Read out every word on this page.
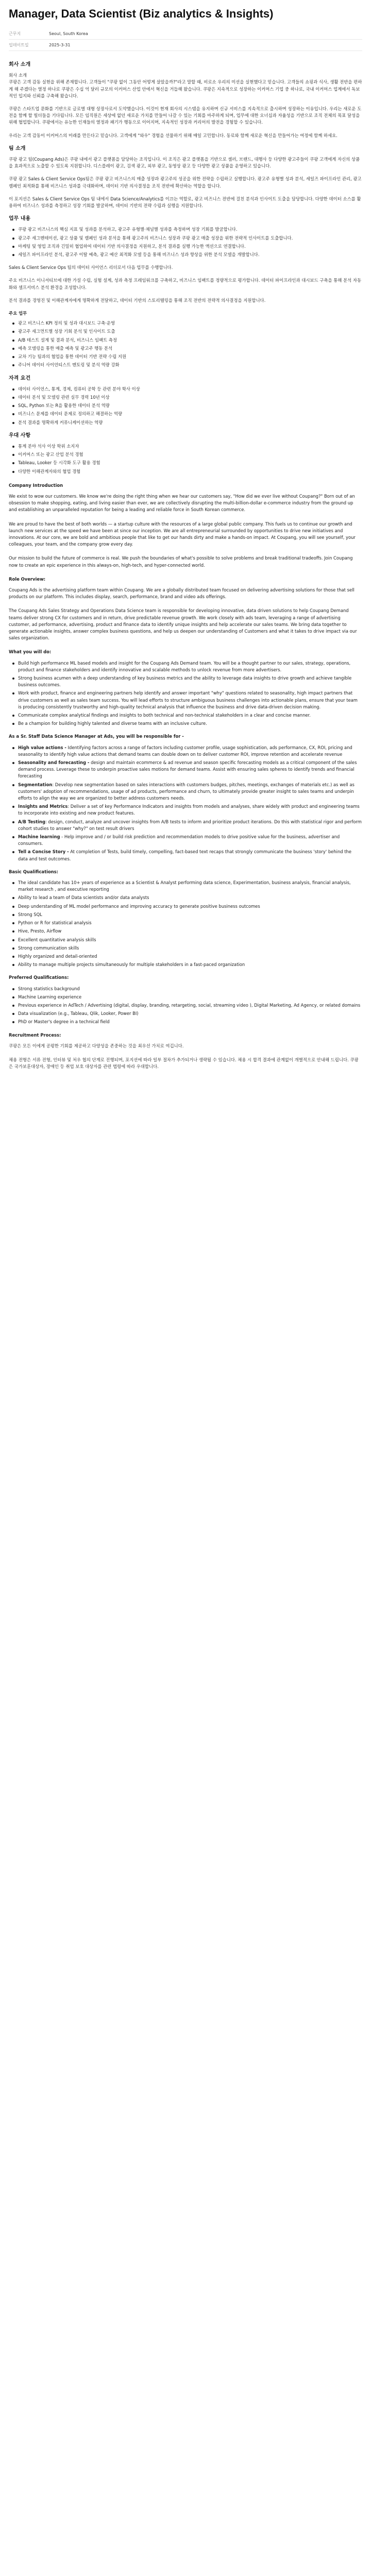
Manager, Data Scientist (Biz analytics & Insights)
근무지	Seoul, South Korea
업데이트일	2025-3-31
회사 소개

회사 소개
쿠팡은 고객 감동 실현을 위해 존재합니다. 고객들이 "쿠팡 없이 그동안 어떻게 살았을까?"라고 말할 때, 비로소 우리의 미션을 실현했다고 믿습니다. 고객들의 쇼핑과 식사, 생활 전반을 편하게 해 주겠다는 열정 하나로 쿠팡은 수십 억 달러 규모의 이커머스 산업 안에서 혁신을 거듭해 왔습니다. 쿠팡은 지속적으로 성장하는 이커머스 기업 중 하나로, 국내 이커머스 업계에서 독보적인 입지와 신뢰를 구축해 왔습니다.

쿠팡은 스타트업 문화를 기반으로 글로벌 대형 상장사로서 도약했습니다. 이것이 현재 회사의 시스템을 유지하며 신규 서비스를 지속적으로 출시하며 성장하는 이유입니다. 우리는 새로운 도전을 함께 할 빌더들을 기다립니다. 모든 임직원은 세상에 없던 새로운 가치를 만들어 나갈 수 있는 기회를 마주하게 되며, 업무에 대한 오너십과 자율성을 기반으로 조직 전체의 목표 달성을 위해 협업합니다. 쿠팡에서는 유능한 인재들의 열정과 패기가 행동으로 이어지며, 지속적인 성장과 커리어의 발전을 경험할 수 있습니다.

우리는 고객 감동이 이커머스의 미래를 만든다고 믿습니다. 고객에게 "와우" 경험을 선물하기 위해 매일 고민합니다. 동료와 함께 새로운 혁신을 만들어가는 여정에 함께 하세요.

팀 소개

쿠팡 광고 팀(Coupang Ads)은 쿠팡 내에서 광고 플랫폼을 담당하는 조직입니다. 이 조직은 광고 플랫폼을 기반으로 셀러, 브랜드, 대행사 등 다양한 광고주들이 쿠팡 고객에게 자신의 상품을 효과적으로 노출할 수 있도록 지원합니다. 디스플레이 광고, 검색 광고, 외부 광고, 동영상 광고 등 다양한 광고 상품을 운영하고 있습니다.

쿠팡 광고 Sales & Client Service Ops팀은 쿠팡 광고 비즈니스의 매출 성장과 광고주의 성공을 위한 전략을 수립하고 실행합니다. 광고주 유형별 성과 분석, 세일즈 파이프라인 관리, 광고 캠페인 최적화를 통해 비즈니스 성과를 극대화하며, 데이터 기반 의사결정을 조직 전반에 확산하는 역할을 합니다.

이 포지션은 Sales & Client Service Ops 팀 내에서 Data Science/Analytics를 이끄는 역할로, 광고 비즈니스 전반에 걸친 분석과 인사이트 도출을 담당합니다. 다양한 데이터 소스를 활용하여 비즈니스 성과를 측정하고 성장 기회를 발굴하며, 데이터 기반의 전략 수립과 실행을 지원합니다.

업무 내용
쿠팡 광고 비즈니스의 핵심 지표 및 성과를 분석하고, 광고주 유형별·채널별 성과를 측정하며 성장 기회를 발굴합니다.
광고주 세그멘테이션, 광고 상품 및 캠페인 성과 분석을 통해 광고주의 비즈니스 성장과 쿠팡 광고 매출 성장을 위한 전략적 인사이트를 도출합니다.
마케팅 및 영업 조직과 긴밀히 협업하여 데이터 기반 의사결정을 지원하고, 분석 결과를 실행 가능한 액션으로 연결합니다.
세일즈 파이프라인 분석, 광고주 이탈 예측, 광고 예산 최적화 모델 등을 통해 비즈니스 성과 향상을 위한 분석 모델을 개발합니다.

Sales & Client Service Ops 팀의 데이터 사이언스 리더로서 다음 업무를 수행합니다.

주요 비즈니스 이니셔티브에 대한 가설 수립, 실험 설계, 성과 측정 프레임워크를 구축하고, 비즈니스 임팩트를 정량적으로 평가합니다. 데이터 파이프라인과 대시보드 구축을 통해 분석 자동화와 셀프서비스 분석 환경을 조성합니다.

분석 결과를 경영진 및 이해관계자에게 명확하게 전달하고, 데이터 기반의 스토리텔링을 통해 조직 전반의 전략적 의사결정을 지원합니다.

주요 업무
광고 비즈니스 KPI 정의 및 성과 대시보드 구축·운영
광고주 세그먼트별 성장 기회 분석 및 인사이트 도출
A/B 테스트 설계 및 결과 분석, 비즈니스 임팩트 측정
예측 모델링을 통한 매출 예측 및 광고주 행동 분석
교차 기능 팀과의 협업을 통한 데이터 기반 전략 수립 지원
주니어 데이터 사이언티스트 멘토링 및 분석 역량 강화
자격 요건
데이터 사이언스, 통계, 경제, 컴퓨터 공학 등 관련 분야 학사 이상
데이터 분석 및 모델링 관련 실무 경력 10년 이상
SQL, Python 또는 R을 활용한 데이터 분석 역량
비즈니스 문제를 데이터 문제로 정의하고 해결하는 역량
분석 결과를 명확하게 커뮤니케이션하는 역량
우대 사항
통계 분야 석사 이상 학위 소지자
이커머스 또는 광고 산업 분석 경험
Tableau, Looker 등 시각화 도구 활용 경험
다양한 이해관계자와의 협업 경험
Company Introduction

We exist to wow our customers. We know we're doing the right thing when we hear our customers say, "How did we ever live without Coupang?" Born out of an obsession to make shopping, eating, and living easier than ever, we are collectively disrupting the multi-billion-dollar e-commerce industry from the ground up and establishing an unparalleled reputation for being a leading and reliable force in South Korean commerce.

We are proud to have the best of both worlds — a startup culture with the resources of a large global public company. This fuels us to continue our growth and launch new services at the speed we have been at since our inception. We are all entrepreneurial surrounded by opportunities to drive new initiatives and innovations. At our core, we are bold and ambitious people that like to get our hands dirty and make a hands-on impact. At Coupang, you will see yourself, your colleagues, your team, and the company grow every day.

Our mission to build the future of commerce is real. We push the boundaries of what's possible to solve problems and break traditional tradeoffs. Join Coupang now to create an epic experience in this always-on, high-tech, and hyper-connected world.

Role Overview:

Coupang Ads is the advertising platform team within Coupang. We are a globally distributed team focused on delivering advertising solutions for those that sell products on our platform. This includes display, search, performance, brand and video ads offerings.

The Coupang Ads Sales Strategy and Operations Data Science team is responsible for developing innovative, data driven solutions to help Coupang Demand teams deliver strong CX for customers and in return, drive predictable revenue growth. We work closely with ads team, leveraging a range of advertising customer, ad performance, advertising, product and finance data to identify unique insights and help accelerate our sales teams. We bring data together to generate actionable insights, answer complex business questions, and help us deepen our understanding of Customers and what it takes to drive impact via our sales organization.

What you will do:
Build high performance ML based models and insight for the Coupang Ads Demand team. You will be a thought partner to our sales, strategy, operations, product and finance stakeholders and identify innovative and scalable methods to unlock revenue from more advertisers.
Strong business acumen with a deep understanding of key business metrics and the ability to leverage data insights to drive growth and achieve tangible business outcomes.
Work with product, finance and engineering partners help identify and answer important "why" questions related to seasonality, high impact partners that drive customers as well as sales team success. You will lead efforts to structure ambiguous business challenges into actionable plans, ensure that your team is producing consistently trustworthy and high-quality technical analysis that influence the business and drive data-driven decision making.
Communicate complex analytical findings and insights to both technical and non-technical stakeholders in a clear and concise manner.
Be a champion for building highly talented and diverse teams with an inclusive culture.
As a Sr. Staff Data Science Manager at Ads, you will be responsible for -
High value actions - Identifying factors across a range of factors including customer profile, usage sophistication, ads performance, CX, ROI, pricing and seasonality to identify high value actions that demand teams can double down on to deliver customer ROI, improve retention and accelerate revenue
Seasonality and forecasting - design and maintain ecommerce & ad revenue and season specific forecasting models as a critical component of the sales demand process. Leverage these to underpin proactive sales motions for demand teams. Assist with ensuring sales spheres to identify trends and financial forecasting
Segmentation: Develop new segmentation based on sales interactions with customers budges, pitches, meetings, exchanges of materials etc.) as well as customers' adoption of recommendations, usage of ad products, performance and churn, to ultimately provide greater insight to sales teams and underpin efforts to align the way we are organized to better address customers needs.
Insights and Metrics: Deliver a set of key Performance Indicators and insights from models and analyses, share widely with product and engineering teams to incorporate into existing and new product features.
A/B Testing: design, conduct, analyze and uncover insights from A/B tests to inform and prioritize product iterations. Do this with statistical rigor and perform cohort studies to answer "why?" on test result drivers
Machine learning - Help improve and / or build risk prediction and recommendation models to drive positive value for the business, advertiser and consumers.
Tell a Concise Story - At completion of Tests, build timely, compelling, fact-based text recaps that strongly communicate the business 'story' behind the data and test outcomes.
Basic Qualifications:
The ideal candidate has 10+ years of experience as a Scientist & Analyst performing data science, Experimentation, business analysis, financial analysis, market research , and executive reporting
Ability to lead a team of Data scientists and/or data analysts
Deep understanding of ML model performance and improving accuracy to generate positive business outcomes
Strong SQL
Python or R for statistical analysis
Hive, Presto, Airflow
Excellent quantitative analysis skills
Strong communication skills
Highly organized and detail-oriented
Ability to manage multiple projects simultaneously for multiple stakeholders in a fast-paced organization
Preferred Qualifications:
Strong statistics background
Machine Learning experience
Previous experience in AdTech / Advertising (digital, display, branding, retargeting, social, streaming video ), Digital Marketing, Ad Agency, or related domains
Data visualization (e.g., Tableau, Qlik, Looker, Power BI)
PhD or Master's degree in a technical field
Recruitment Process:

쿠팡은 모든 이에게 공평한 기회를 제공하고 다양성을 존중하는 것을 최우선 가치로 여깁니다.

채용 전형은 서류 전형, 인터뷰 및 처우 협의 단계로 진행되며, 포지션에 따라 일부 절차가 추가되거나 생략될 수 있습니다. 채용 시 합격 결과에 관계없이 개별적으로 안내해 드립니다. 쿠팡은 국가보훈대상자, 장애인 등 취업 보호 대상자를 관련 법령에 따라 우대합니다.
